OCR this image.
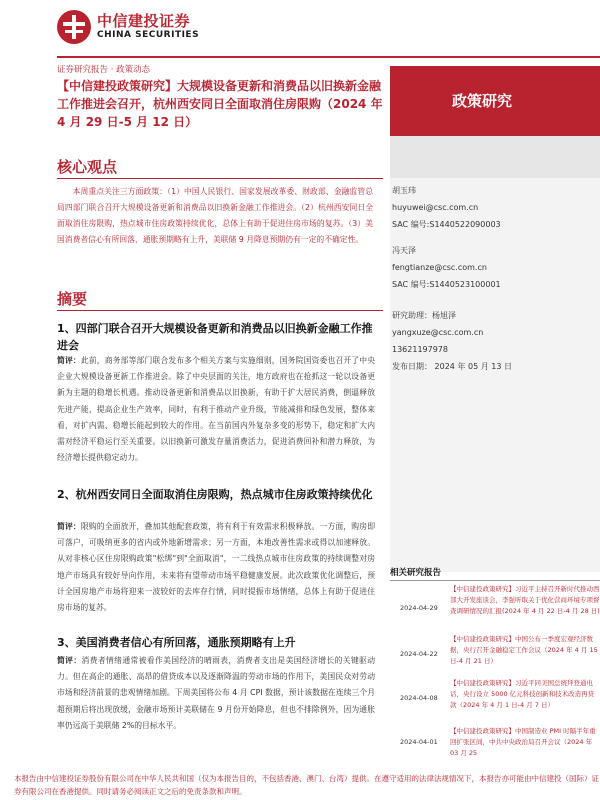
中信建投证券
CHINA SECURITIES
证券研究报告 · 政策动态
【中信建投政策研究】大规模设备更新和消费品以旧换新金融工作推进会召开，杭州西安同日全面取消住房限购（2024 年 4 月 29 日-5 月 12 日）
政策研究
胡玉玮
huyuwei@csc.com.cn
SAC 编号:S1440522090003
冯天泽
fengtianze@csc.com.cn
SAC 编号:S1440523100001
研究助理：杨旭泽
yangxuze@csc.com.cn
13621197978
发布日期： 2024 年 05 月 13 日
核心观点
本周重点关注三方面政策：（1）中国人民银行、国家发展改革委、财政部、金融监管总局四部门联合召开大规模设备更新和消费品以旧换新金融工作推进会。（2）杭州西安同日全面取消住房限购，热点城市住房政策持续优化，总体上有助于促进住房市场的复苏。（3）美国消费者信心有所回落，通胀预期略有上升，美联储 9 月降息预期仍有一定的不确定性。
摘要
1、四部门联合召开大规模设备更新和消费品以旧换新金融工作推进会
简评：此前，商务部等部门联合发布多个相关方案与实施细则，国务院国资委也召开了中央企业大规模设备更新工作推进会。除了中央层面的关注，地方政府也在抢抓这一轮以设备更新为主题的稳增长机遇。推动设备更新和消费品以旧换新，有助于扩大居民消费，倒逼释放先进产能，提高企业生产效率，同时，有利于推动产业升级，节能减排和绿色发展，整体来看，对扩内需、稳增长能起到较大的作用。在当前国内外复杂多变的形势下，稳定和扩大内需对经济平稳运行至关重要。以旧换新可激发存量消费活力，促进消费回补和潜力释放，为经济增长提供稳定动力。
2、杭州西安同日全面取消住房限购，热点城市住房政策持续优化
简评：限购的全面放开，叠加其他配套政策，将有利于有效需求积极释放。一方面，购房即可落户，可吸纳更多的省内或外地新增需求；另一方面，本地改善性需求或得以加速释放。从对非核心区住房限购政策"松绑"到"全面取消"，一二线热点城市住房政策的持续调整对房地产市场具有较好导向作用，未来将有望带动市场平稳健康发展。此次政策优化调整后，预计全国房地产市场将迎来一波较好的去库存行情，同时提振市场情绪，总体上有助于促进住房市场的复苏。
3、美国消费者信心有所回落，通胀预期略有上升
简评：消费者情绪通常被看作美国经济的晴雨表，消费者支出是美国经济增长的关键驱动力。但在高企的通胀、高昂的借贷成本以及逐渐降温的劳动市场的作用下，美国民众对劳动市场和经济前景的悲观情绪加剧。下周美国将公布 4 月 CPI 数据，预计该数据在连续三个月超预期后将出现放缓，金融市场预计美联储在 9 月份开始降息，但也不排除例外，因为通胀率仍远高于美联储 2%的目标水平。
相关研究报告
2024-04-29
【中信建投政策研究】习近平主持召开新时代推动西部大开发座谈会，李强听取关于优化营商环境专项督查调研情况的汇报(2024 年 4 月 22 日-4 月 28 日)
2024-04-22
【中信建投政策研究】中国公布一季度宏观经济数据，央行召开金融稳定工作会议（2024 年 4 月 15 日-4 月 21 日）
2024-04-08
【中信建投政策研究】习近平同美国总统拜登通电话，央行设立 5000 亿元科技创新和技术改造再贷款（2024 年 4 月 1 日-4 月 7 日）
2024-04-01
【中信建投政策研究】中国制造业 PMI 时隔半年重回扩张区间，中共中央政治局召开会议（2024 年 03 月 25
本报告由中信建投证券股份有限公司在中华人民共和国（仅为本报告目的，不包括香港、澳门、台湾）提供。在遵守适用的法律法规情况下，本报告亦可能由中信建投（国际）证券有限公司在香港提供。同时请务必阅读正文之后的免责条款和声明。
